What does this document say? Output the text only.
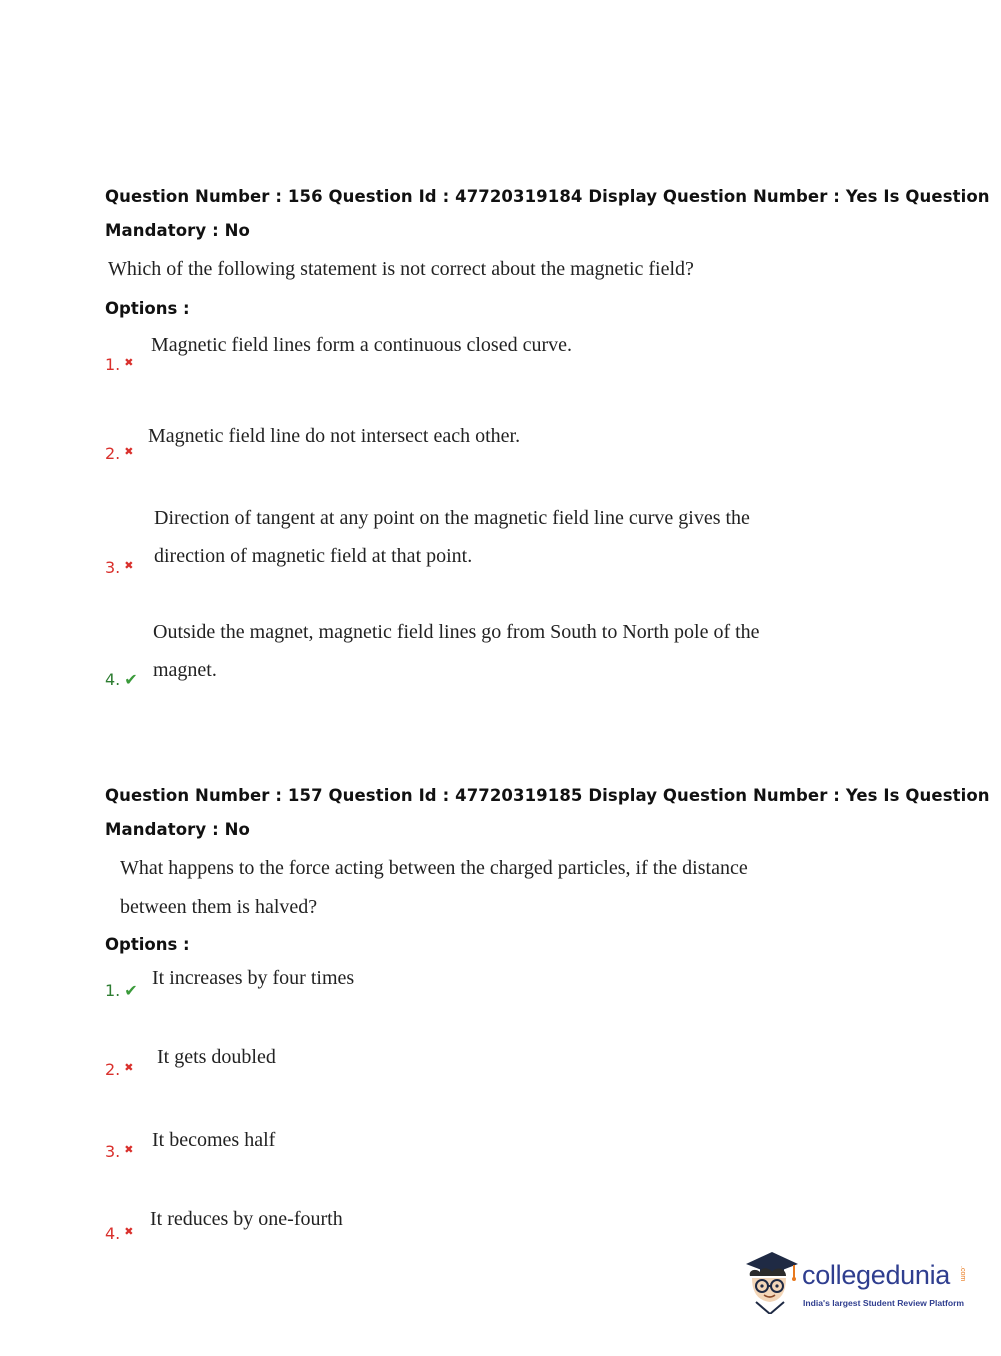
Question Number : 156 Question Id : 47720319184 Display Question Number : Yes Is Question
Mandatory : No
Which of the following statement is not correct about the magnetic field?
Options :
1. ✖
Magnetic field lines form a continuous closed curve.
2. ✖
Magnetic field line do not intersect each other.
3. ✖
Direction of tangent at any point on the magnetic field line curve gives the
direction of magnetic field at that point.
4. ✔
Outside the magnet, magnetic field lines go from South to North pole of the
magnet.
Question Number : 157 Question Id : 47720319185 Display Question Number : Yes Is Question
Mandatory : No
What happens to the force acting between the charged particles, if the distance
between them is halved?
Options :
1. ✔
It increases by four times
2. ✖ It gets doubled
3. ✖ It becomes half
4. ✖
It reduces by one-fourth
collegedunia .com
India's largest Student Review Platform
